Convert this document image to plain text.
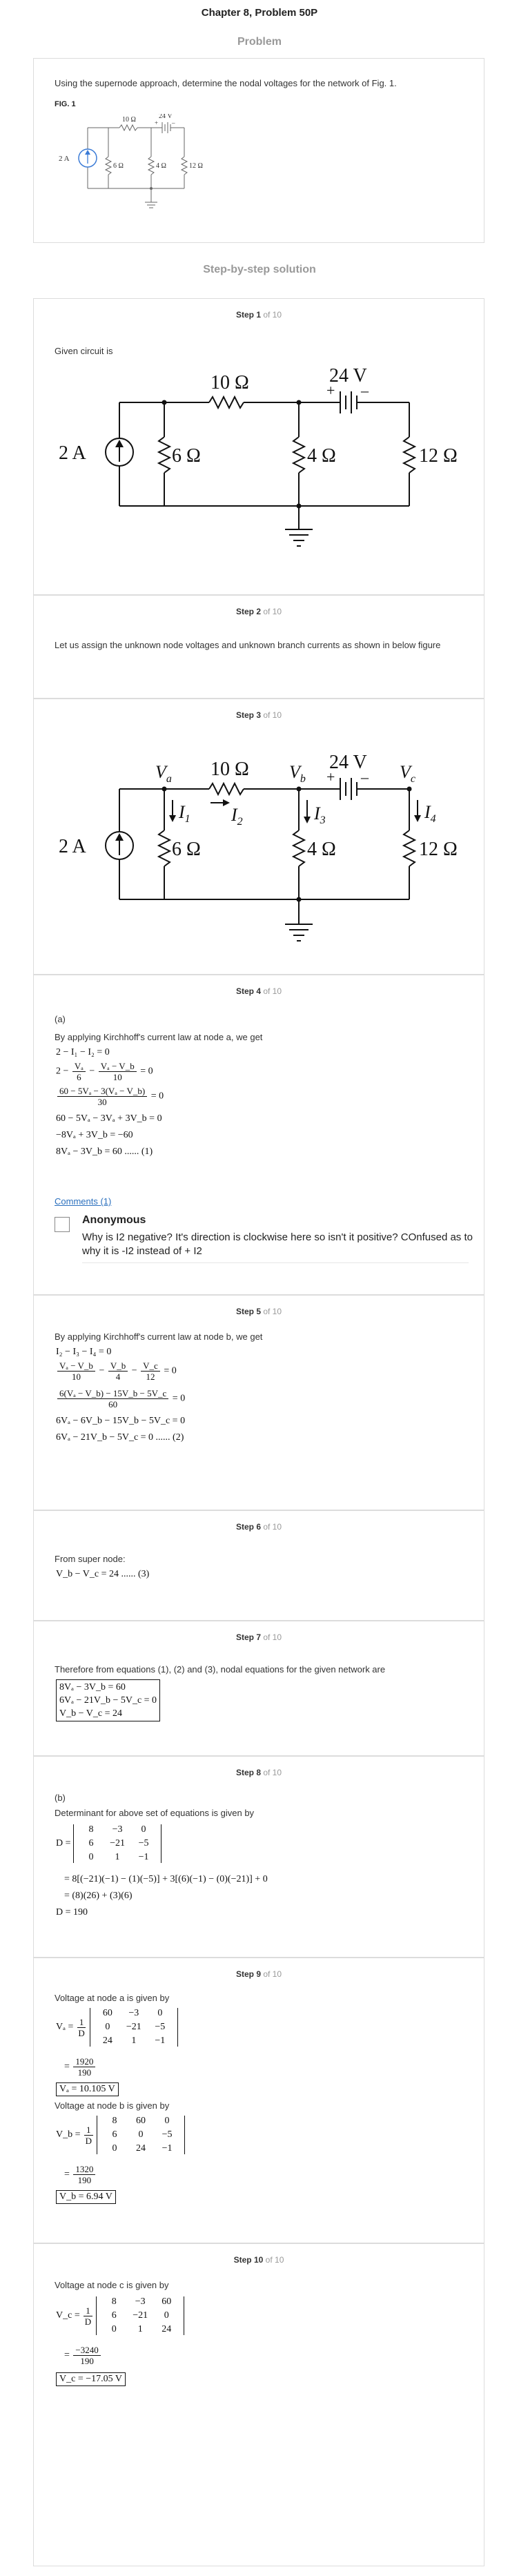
Chapter 8, Problem 50P
Problem
Using the supernode approach, determine the nodal voltages for the network of Fig. 1.
FIG. 1
2 A
10 Ω
6 Ω	4 Ω	12 Ω
24 V
+ –
Step-by-step solution
Step 1 of 10
Given circuit is
2 A
10 Ω
6 Ω	4 Ω	12 Ω
24 V
+ –
Step 2 of 10
Let us assign the unknown node voltages and unknown branch currents as shown in below figure
Step 3 of 10
2 A
10 Ω
6 Ω	4 Ω	12 Ω
24 V
+ –
$V_a$	$V_b$	$V_c$
$I_1$ $I_2$	$I_3$	$I_4$
Step 4 of 10
(a)
By applying Kirchhoff's current law at node a, we get
2 − I₁ − I₂ = 0
$2 - \frac{\text{Vₐ}}{6} - \frac{\text{Vₐ − V\_b}}{10} = 0$
$\frac{\text{60 − 5Vₐ − 3(Vₐ − V\_b)}}{30} = 0$
60 − 5Vₐ − 3Vₐ + 3V_b = 0
−8Vₐ + 3V_b = −60
8Vₐ − 3V_b = 60 ...... (1)
Comments (1)
Anonymous
Why is I2 negative? It's direction is clockwise here so isn't it positive? COnfused as to why it is -I2 instead of + I2
Step 5 of 10
By applying Kirchhoff's current law at node b, we get
I₂ − I₃ − I₄ = 0
$\frac{\text{Vₐ − V\_b}}{10} - \frac{V\_b}{4} - \frac{V\_c}{12} = 0$
$\frac{\text{6(Vₐ − V\_b) − 15V\_b − 5V\_c}}{60} = 0$
6Vₐ − 6V_b − 15V_b − 5V_c = 0
6Vₐ − 21V_b − 5V_c = 0 ...... (2)
Step 6 of 10
From super node:
V_b − V_c = 24 ...... (3)
Step 7 of 10
Therefore from equations (1), (2) and (3), nodal equations for the given network are
8Vₐ − 3V_b = 60
6Vₐ − 21V_b − 5V_c = 0
V_b − V_c = 24
Step 8 of 10
(b)
Determinant for above set of equations is given by
D =
8	−3	0
6	−21	−5
0	1	−1
= 8[(−21)(−1) − (1)(−5)] + 3[(6)(−1) − (0)(−21)] + 0
= (8)(26) + (3)(6)
D = 190
Step 9 of 10
Voltage at node a is given by
$V_a = \frac{1}{D}$

60	−3	0
0	−21	−5
24	1	−1
= $\frac{1920}{190}$
Vₐ = 10.105 V
Voltage at node b is given by
V_b = $\frac{1}{D}$

8	60	0
6	0	−5
0	24	−1
= $\frac{1320}{190}$
V_b = 6.94 V
Step 10 of 10
Voltage at node c is given by
V_c = $\frac{1}{D}$

8	−3	60
6	−21	0
0	1	24
= $\frac{-3240}{190}$
V_c = −17.05 V
